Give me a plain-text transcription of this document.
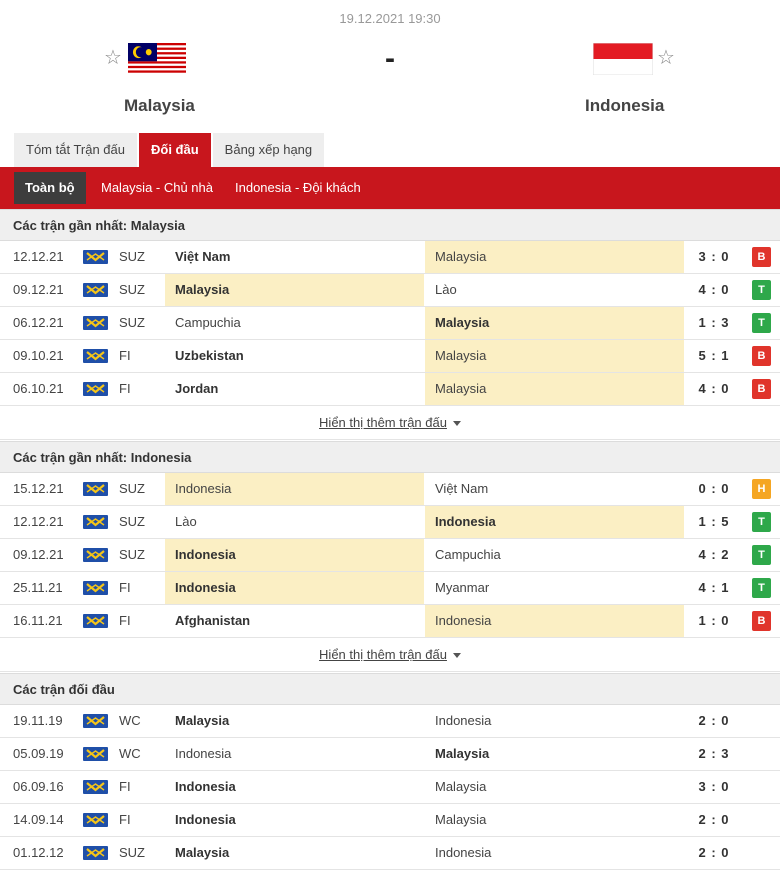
19.12.2021 19:30
☆	-	☆
Malaysia	Indonesia
Tóm tắt Trận đấu	Đối đầu	Bảng xếp hạng
Toàn bộ	Malaysia - Chủ nhà Indonesia - Đội khách
Các trận gần nhất: Malaysia
12.12.21	SUZ	Việt Nam	Malaysia	3 : 0	B
09.12.21	SUZ	Malaysia	Lào	4 : 0	T
06.12.21	SUZ	Campuchia	Malaysia	1 : 3	T
09.10.21	FI	Uzbekistan	Malaysia	5 : 1	B
06.10.21	FI	Jordan	Malaysia	4 : 0	B
Hiển thị thêm trận đấu
Các trận gần nhất: Indonesia
15.12.21	SUZ	Indonesia	Việt Nam	0 : 0	H
12.12.21	SUZ	Lào	Indonesia	1 : 5	T
09.12.21	SUZ	Indonesia	Campuchia	4 : 2	T
25.11.21	FI	Indonesia	Myanmar	4 : 1	T
16.11.21	FI	Afghanistan	Indonesia	1 : 0	B
Hiển thị thêm trận đấu
Các trận đối đầu
19.11.19	WC	Malaysia	Indonesia	2 : 0
05.09.19	WC	Indonesia	Malaysia	2 : 3
06.09.16	FI	Indonesia	Malaysia	3 : 0
14.09.14	FI	Indonesia	Malaysia	2 : 0
01.12.12	SUZ	Malaysia	Indonesia	2 : 0
